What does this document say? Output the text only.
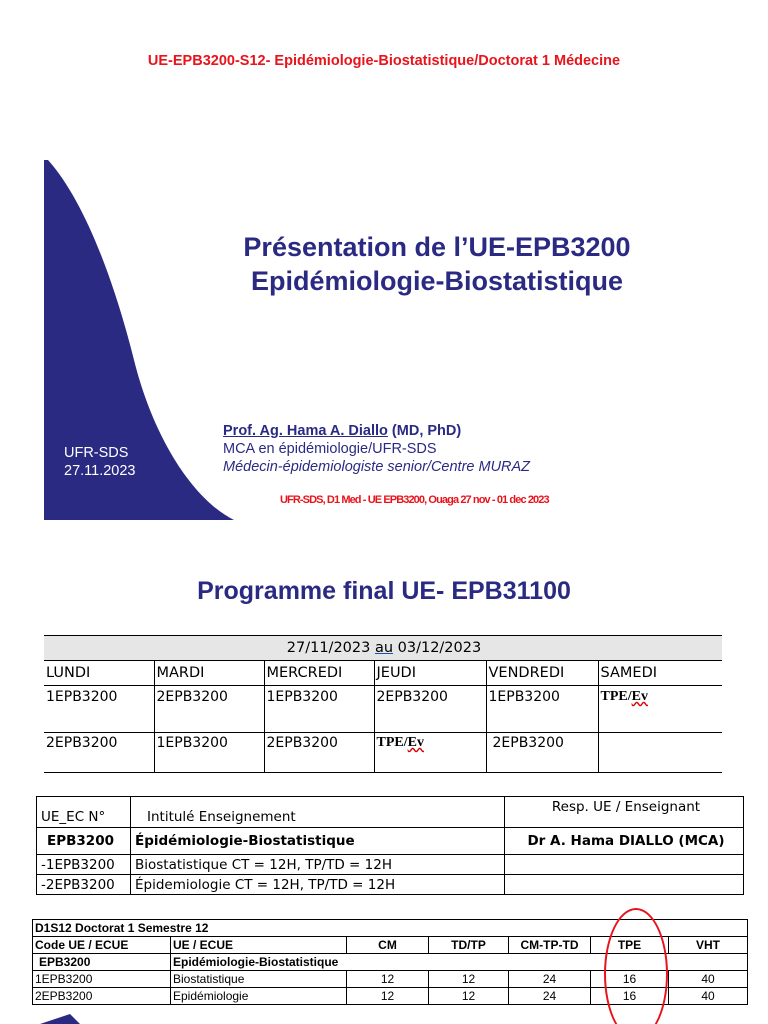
UE-EPB3200-S12- Epidémiologie-Biostatistique/Doctorat 1 Médecine
Présentation de l’UE-EPB3200
Epidémiologie-Biostatistique
UFR-SDS
27.11.2023
Prof. Ag. Hama A. Diallo (MD, PhD)
MCA en épidémiologie/UFR-SDS
Médecin-épidemiologiste senior/Centre MURAZ
UFR-SDS, D1 Med - UE EPB3200, Ouaga 27 nov - 01 dec 2023
Programme final UE- EPB31100
27/11/2023 au 03/12/2023					
LUNDI	MARDI	MERCREDI	JEUDI	VENDREDI	SAMEDI
1EPB3200	2EPB3200	1EPB3200	2EPB3200	1EPB3200	TPE/Ev
2EPB3200	1EPB3200	2EPB3200	TPE/Ev	2EPB3200	
UE_EC N°	Intitulé Enseignement	Resp. UE / Enseignant
EPB3200	Épidémiologie-Biostatistique	Dr A. Hama DIALLO (MCA)
-1EPB3200	Biostatistique CT = 12H, TP/TD = 12H	
-2EPB3200	Épidemiologie CT = 12H, TP/TD = 12H	
D1S12 Doctorat 1 Semestre 12						
Code UE / ECUE	UE / ECUE	CM	TD/TP	CM-TP-TD	TPE	VHT
EPB3200	Epidémiologie-Biostatistique					
1EPB3200	Biostatistique	12	12	24	16	40
2EPB3200	Epidémiologie	12	12	24	16	40
